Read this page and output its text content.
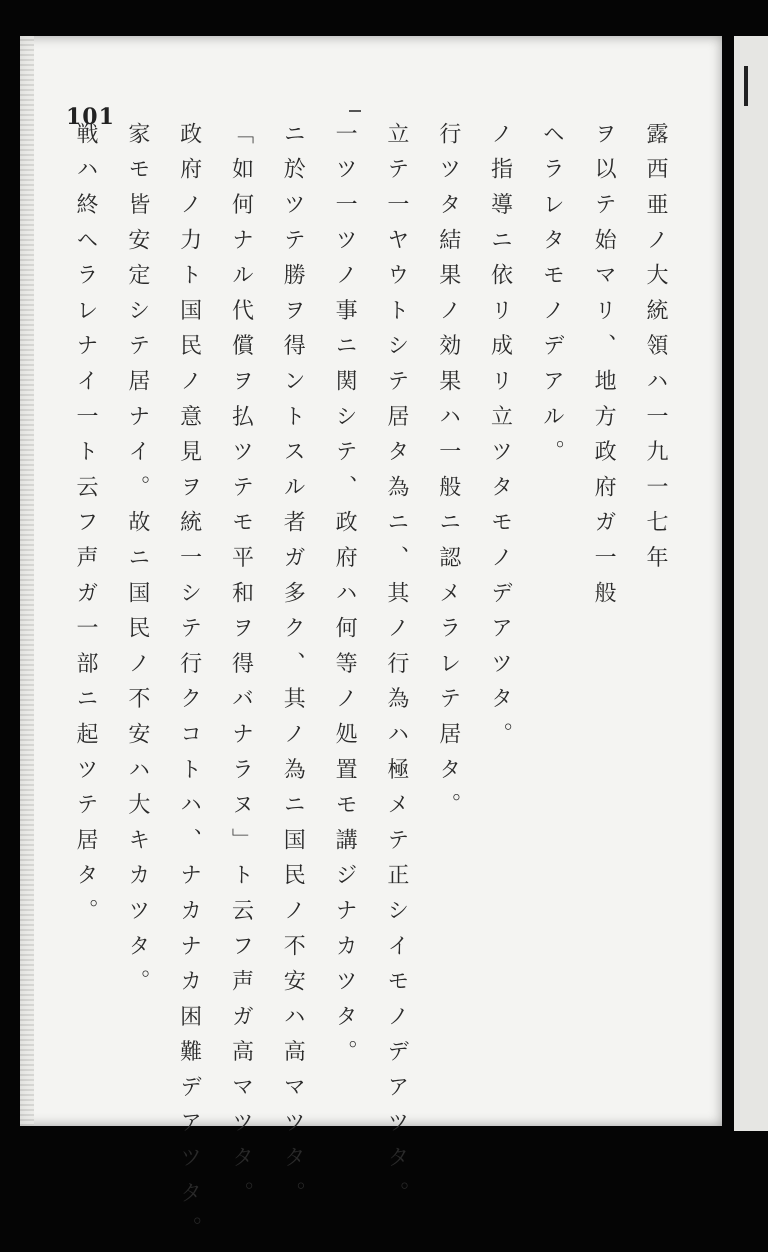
101
露西亜ノ大統領ハ一九一七年
ヲ以テ始マリ、地方政府ガ一般
ヘラレタモノデアル。
ノ指導ニ依リ成リ立ツタモノデアツタ。
行ツタ結果ノ効果ハ一般ニ認メラレテ居タ。
立テ一ヤウトシテ居タ為ニ、其ノ行為ハ極メテ正シイモノデアツタ。
一ツ一ツノ事ニ関シテ、政府ハ何等ノ処置モ講ジナカツタ。
ニ於ツテ勝ヲ得ントスル者ガ多ク、其ノ為ニ国民ノ不安ハ高マツタ。
「如何ナル代償ヲ払ツテモ平和ヲ得バナラヌ」ト云フ声ガ高マツタ。
政府ノ力ト国民ノ意見ヲ統一シテ行クコトハ、ナカナカ困難デアツタ。
家モ皆安定シテ居ナイ。故ニ国民ノ不安ハ大キカツタ。
戦ハ終ヘラレナイ一ト云フ声ガ一部ニ起ツテ居タ。
